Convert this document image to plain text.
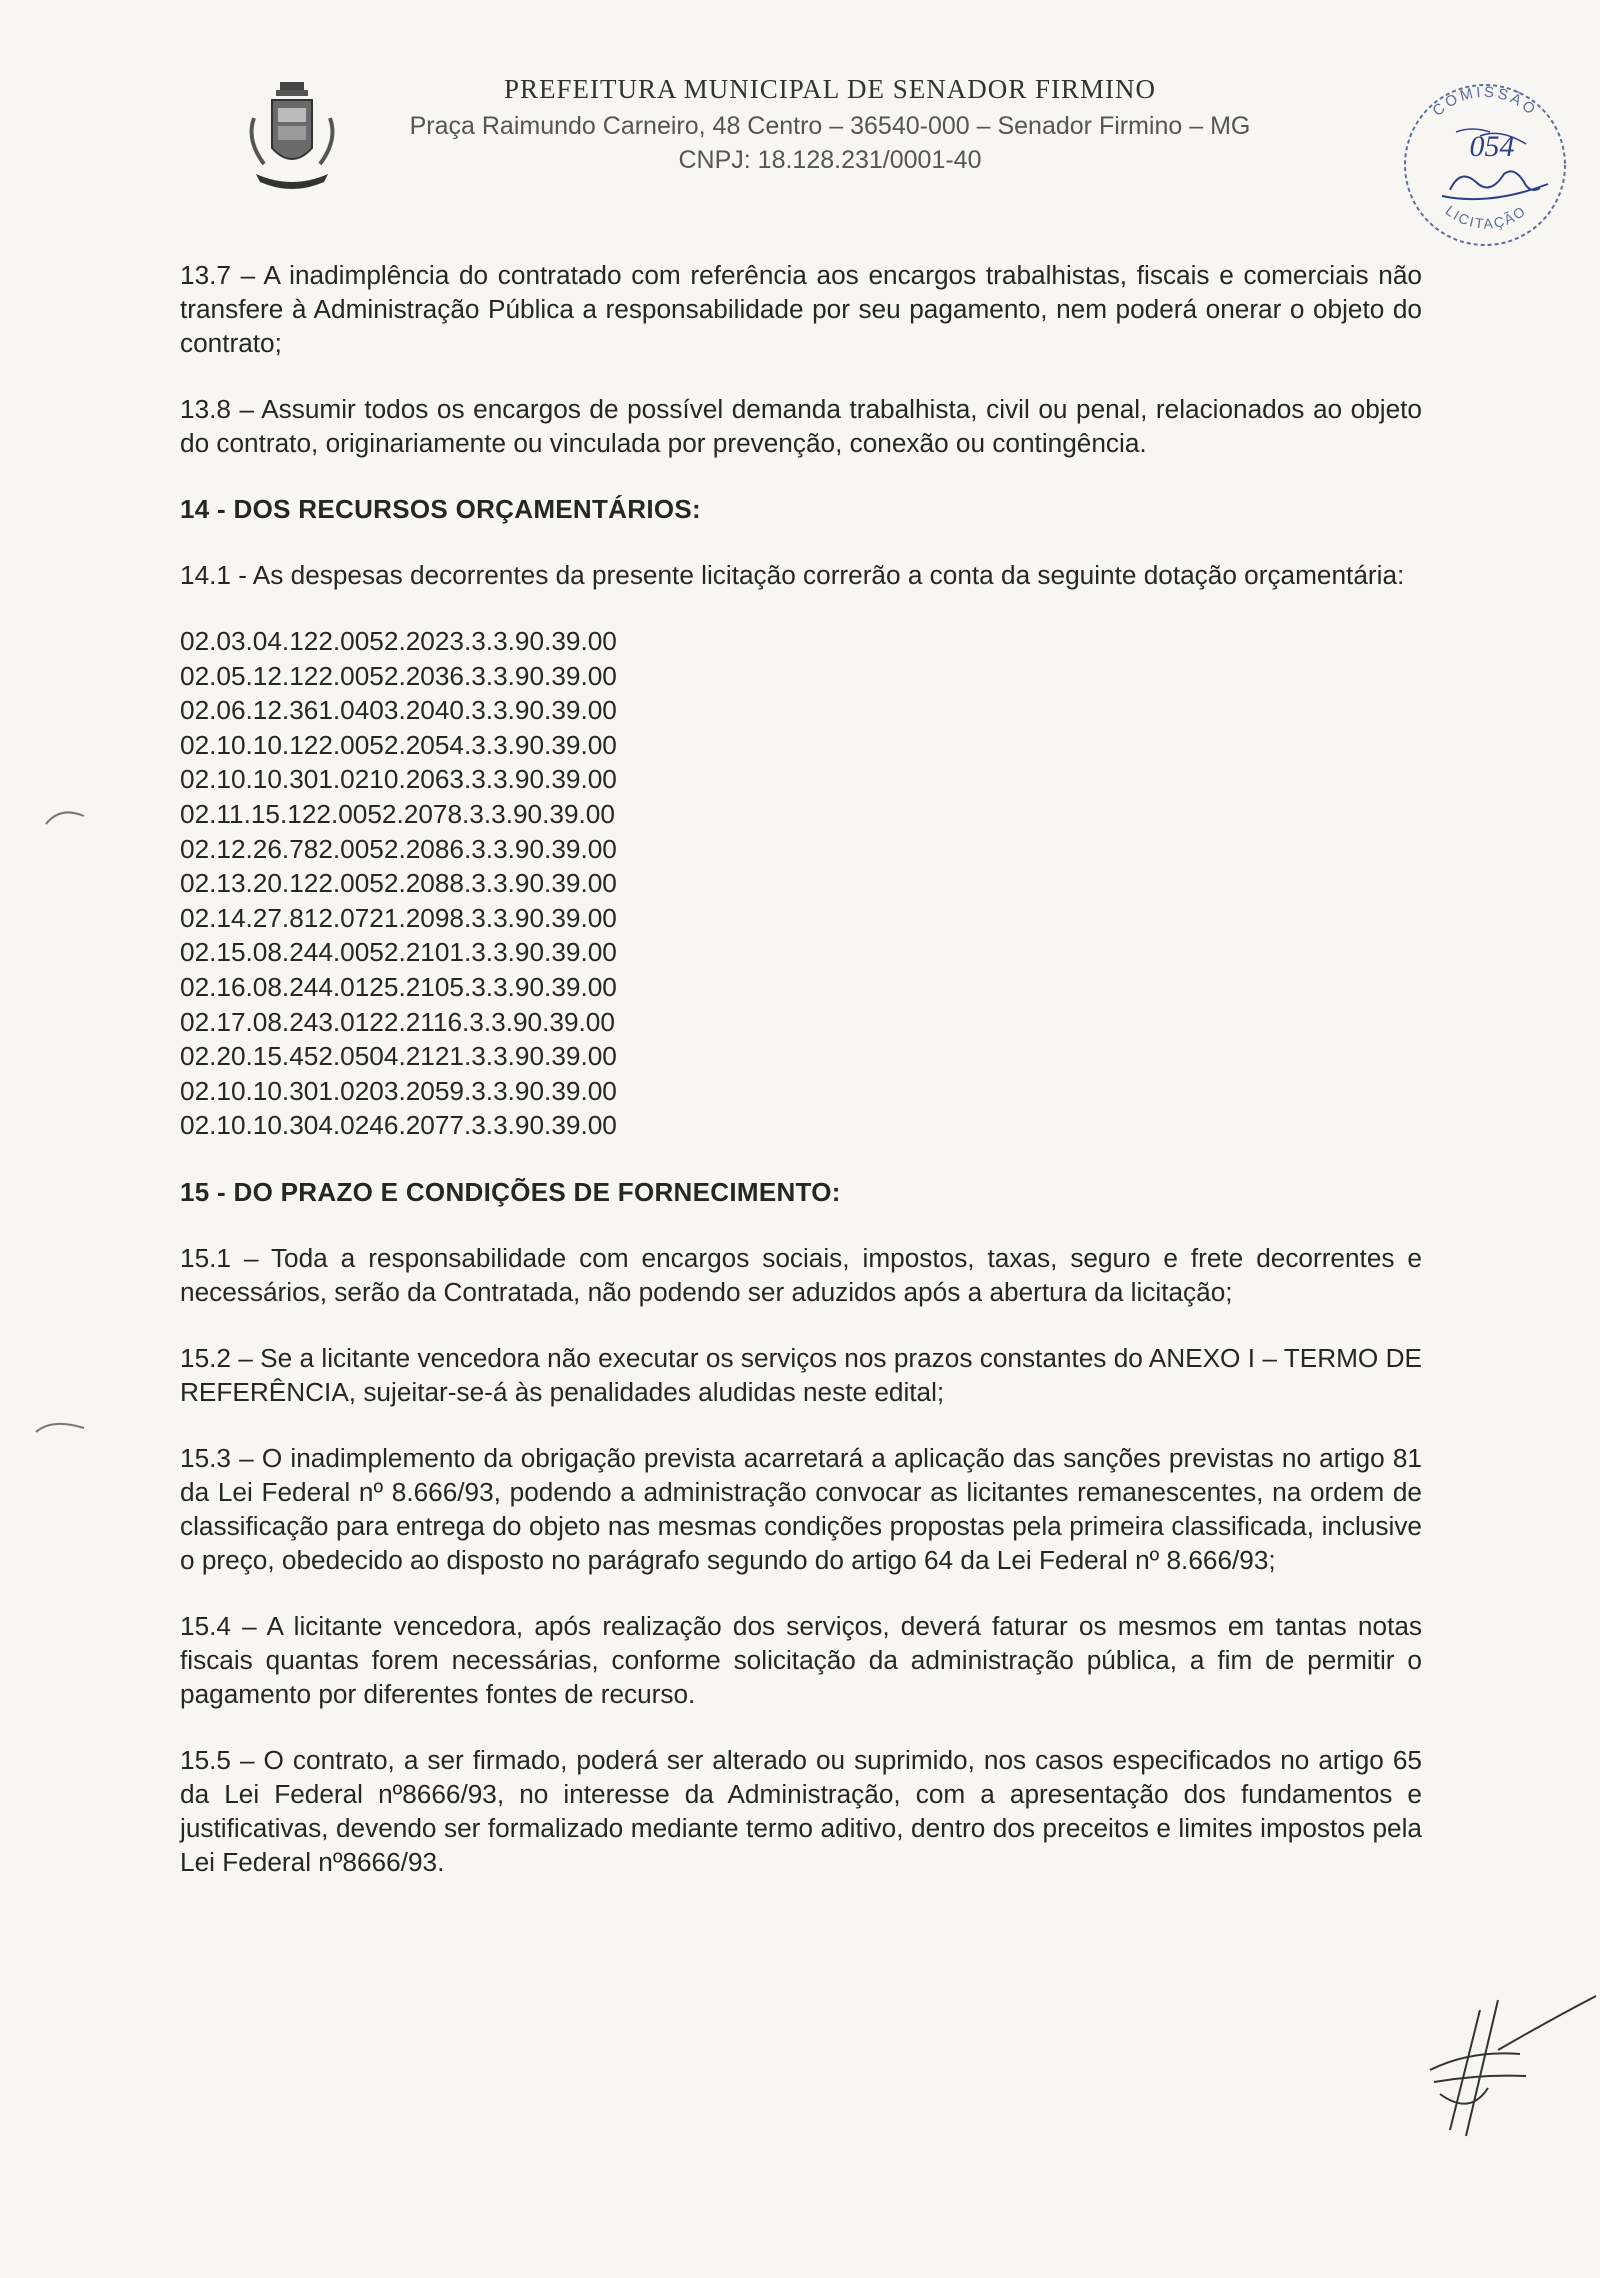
PREFEITURA MUNICIPAL DE SENADOR FIRMINO
Praça Raimundo Carneiro, 48 Centro – 36540-000 – Senador Firmino – MG
CNPJ: 18.128.231/0001-40
COMISSÃO
LICITAÇÃO
054

13.7 – A inadimplência do contratado com referência aos encargos trabalhistas, fiscais e comerciais não transfere à Administração Pública a responsabilidade por seu pagamento, nem poderá onerar o objeto do contrato;

13.8 – Assumir todos os encargos de possível demanda trabalhista, civil ou penal, relacionados ao objeto do contrato, originariamente ou vinculada por prevenção, conexão ou contingência.

14 - DOS RECURSOS ORÇAMENTÁRIOS:

14.1 - As despesas decorrentes da presente licitação correrão a conta da seguinte dotação orçamentária:

02.03.04.122.0052.2023.3.3.90.39.00
02.05.12.122.0052.2036.3.3.90.39.00
02.06.12.361.0403.2040.3.3.90.39.00
02.10.10.122.0052.2054.3.3.90.39.00
02.10.10.301.0210.2063.3.3.90.39.00
02.11.15.122.0052.2078.3.3.90.39.00
02.12.26.782.0052.2086.3.3.90.39.00
02.13.20.122.0052.2088.3.3.90.39.00
02.14.27.812.0721.2098.3.3.90.39.00
02.15.08.244.0052.2101.3.3.90.39.00
02.16.08.244.0125.2105.3.3.90.39.00
02.17.08.243.0122.2116.3.3.90.39.00
02.20.15.452.0504.2121.3.3.90.39.00
02.10.10.301.0203.2059.3.3.90.39.00
02.10.10.304.0246.2077.3.3.90.39.00
15 - DO PRAZO E CONDIÇÕES DE FORNECIMENTO:

15.1 – Toda a responsabilidade com encargos sociais, impostos, taxas, seguro e frete decorrentes e necessários, serão da Contratada, não podendo ser aduzidos após a abertura da licitação;

15.2 – Se a licitante vencedora não executar os serviços nos prazos constantes do ANEXO I – TERMO DE REFERÊNCIA, sujeitar-se-á às penalidades aludidas neste edital;

15.3 – O inadimplemento da obrigação prevista acarretará a aplicação das sanções previstas no artigo 81 da Lei Federal nº 8.666/93, podendo a administração convocar as licitantes remanescentes, na ordem de classificação para entrega do objeto nas mesmas condições propostas pela primeira classificada, inclusive o preço, obedecido ao disposto no parágrafo segundo do artigo 64 da Lei Federal nº 8.666/93;

15.4 – A licitante vencedora, após realização dos serviços, deverá faturar os mesmos em tantas notas fiscais quantas forem necessárias, conforme solicitação da administração pública, a fim de permitir o pagamento por diferentes fontes de recurso.

15.5 – O contrato, a ser firmado, poderá ser alterado ou suprimido, nos casos especificados no artigo 65 da Lei Federal nº8666/93, no interesse da Administração, com a apresentação dos fundamentos e justificativas, devendo ser formalizado mediante termo aditivo, dentro dos preceitos e limites impostos pela Lei Federal nº8666/93.
